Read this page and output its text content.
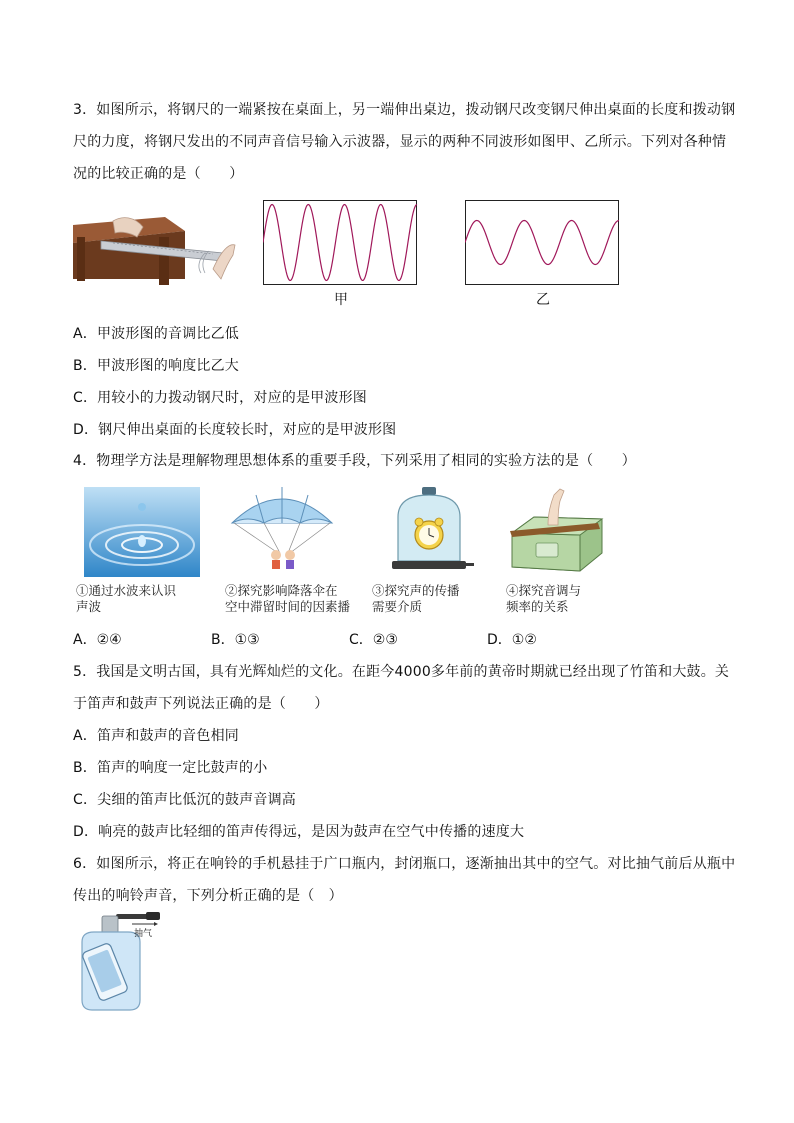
3．如图所示，将钢尺的一端紧按在桌面上，另一端伸出桌边，拨动钢尺改变钢尺伸出桌面的长度和拨动钢
尺的力度，将钢尺发出的不同声音信号输入示波器，显示的两种不同波形如图甲、乙所示。下列对各种情
况的比较正确的是（　　）
甲	乙
A．甲波形图的音调比乙低
B．甲波形图的响度比乙大
C．用较小的力拨动钢尺时，对应的是甲波形图
D．钢尺伸出桌面的长度较长时，对应的是甲波形图
4．物理学方法是理解物理思想体系的重要手段，下列采用了相同的实验方法的是（　　）
①通过水波来认识
声波
②探究影响降落伞在
空中滞留时间的因素播
③探究声的传播
需要介质
④探究音调与
频率的关系
A．②④	B．①③	C．②③	D．①②
5．我国是文明古国，具有光辉灿烂的文化。在距今4000多年前的黄帝时期就已经出现了竹笛和大鼓。关
于笛声和鼓声下列说法正确的是（　　）
A．笛声和鼓声的音色相同
B．笛声的响度一定比鼓声的小
C．尖细的笛声比低沉的鼓声音调高
D．响亮的鼓声比轻细的笛声传得远，是因为鼓声在空气中传播的速度大
6．如图所示，将正在响铃的手机悬挂于广口瓶内，封闭瓶口，逐渐抽出其中的空气。对比抽气前后从瓶中
传出的响铃声音，下列分析正确的是（　）
抽气
